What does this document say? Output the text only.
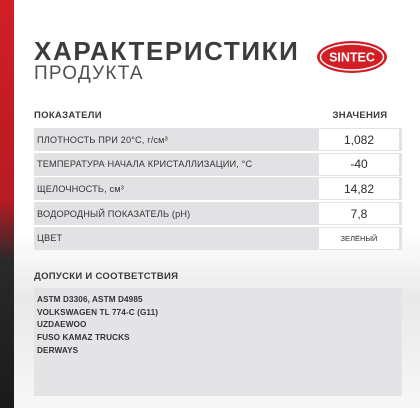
ХАРАКТЕРИСТИКИ
ПРОДУКТА
SINTEC
ПОКАЗАТЕЛИ	ЗНАЧЕНИЯ
ПЛОТНОСТЬ ПРИ 20°C, г/см³	1,082
ТЕМПЕРАТУРА НАЧАЛА КРИСТАЛЛИЗАЦИИ, °C	-40
ЩЕЛОЧНОСТЬ, см³	14,82
ВОДОРОДНЫЙ ПОКАЗАТЕЛЬ (pH)	7,8
ЦВЕТ	ЗЕЛЁНЫЙ
ДОПУСКИ И СООТВЕТСТВИЯ
ASTM D3306, ASTM D4985
VOLKSWAGEN TL 774-C (G11)
UZDAEWOO
FUSO KAMAZ TRUCKS
DERWAYS
